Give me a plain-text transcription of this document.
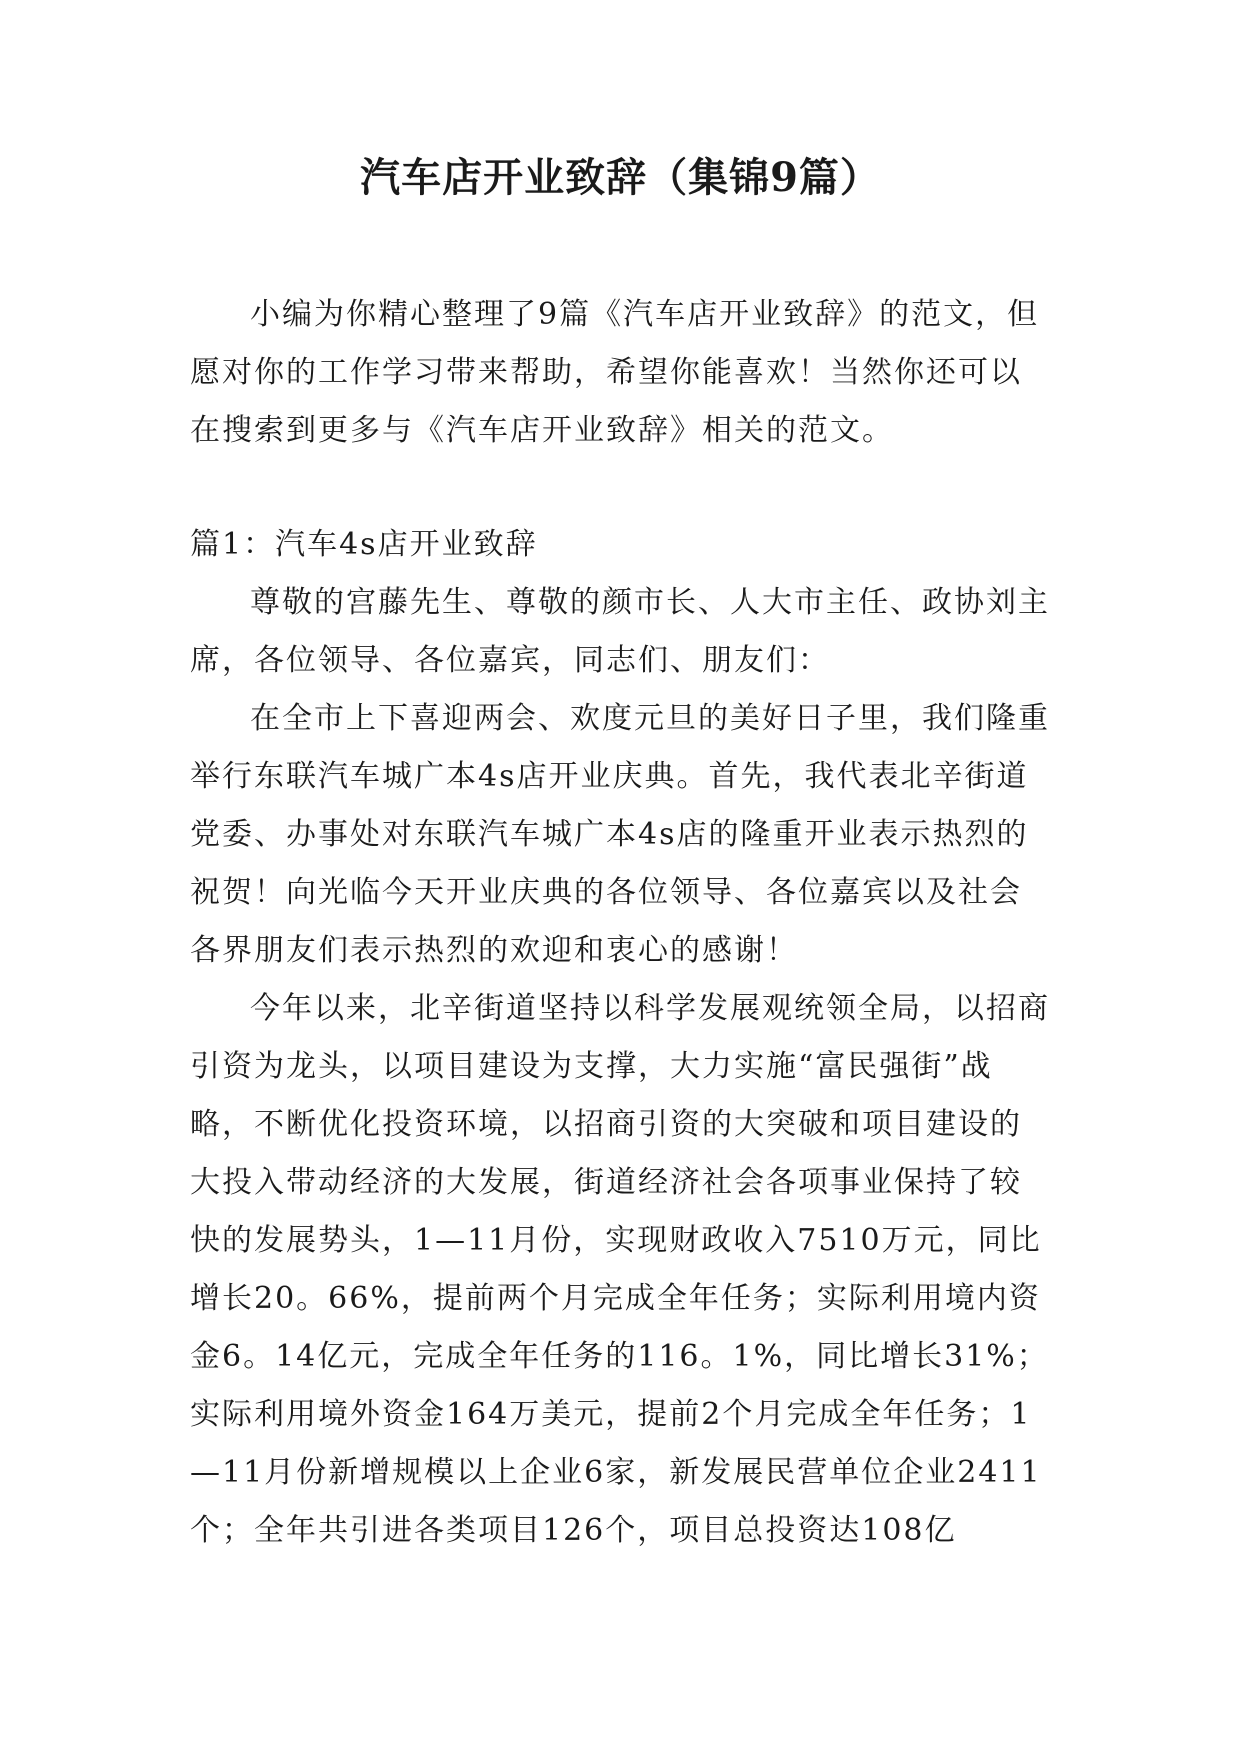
汽车店开业致辞（集锦9篇）

小编为你精心整理了9篇《汽车店开业致辞》的范文，但愿对你的工作学习带来帮助，希望你能喜欢！当然你还可以在搜索到更多与《汽车店开业致辞》相关的范文。

篇1：汽车4s店开业致辞

尊敬的宫藤先生、尊敬的颜市长、人大市主任、政协刘主席，各位领导、各位嘉宾，同志们、朋友们：

在全市上下喜迎两会、欢度元旦的美好日子里，我们隆重举行东联汽车城广本4s店开业庆典。首先，我代表北辛街道党委、办事处对东联汽车城广本4s店的隆重开业表示热烈的祝贺！向光临今天开业庆典的各位领导、各位嘉宾以及社会各界朋友们表示热烈的欢迎和衷心的感谢！

今年以来，北辛街道坚持以科学发展观统领全局，以招商引资为龙头，以项目建设为支撑，大力实施“富民强街”战略，不断优化投资环境，以招商引资的大突破和项目建设的大投入带动经济的大发展，街道经济社会各项事业保持了较快的发展势头，1—11月份，实现财政收入7510万元，同比增长20。66%，提前两个月完成全年任务；实际利用境内资金6。14亿元，完成全年任务的116。1%，同比增长31%；实际利用境外资金164万美元，提前2个月完成全年任务；1—11月份新增规模以上企业6家，新发展民营单位企业2411个；全年共引进各类项目126个，项目总投资达108亿
